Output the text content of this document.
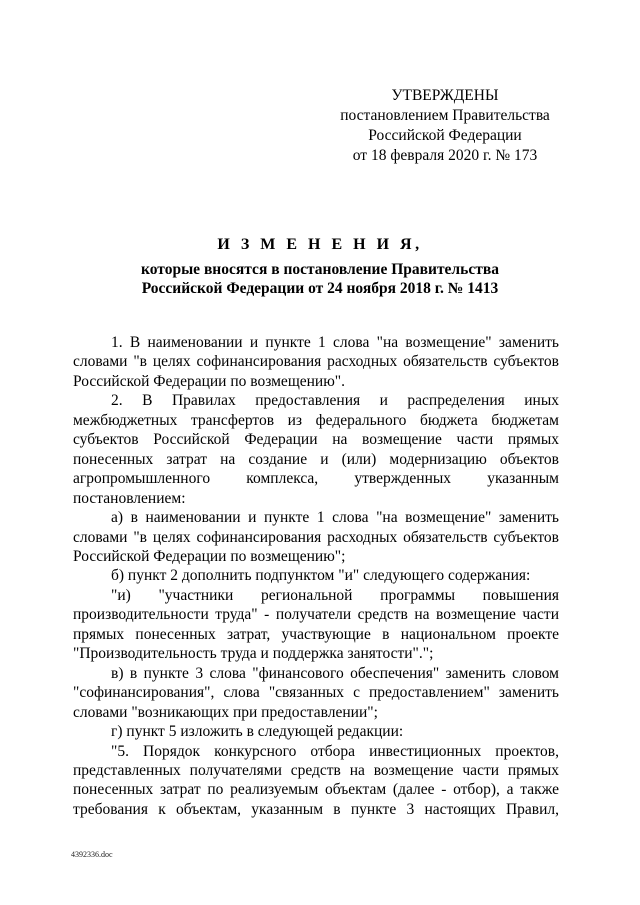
УТВЕРЖДЕНЫ
постановлением Правительства
Российской Федерации
от 18 февраля 2020 г. № 173
И З М Е Н Е Н И Я,
которые вносятся в постановление Правительства
Российской Федерации от 24 ноября 2018 г. № 1413
1. В наименовании и пункте 1 слова "на возмещение" заменить словами "в целях софинансирования расходных обязательств субъектов Российской Федерации по возмещению".
2. В Правилах предоставления и распределения иных межбюджетных трансфертов из федерального бюджета бюджетам субъектов Российской Федерации на возмещение части прямых понесенных затрат на создание и (или) модернизацию объектов агропромышленного комплекса, утвержденных указанным постановлением:
а) в наименовании и пункте 1 слова "на возмещение" заменить словами "в целях софинансирования расходных обязательств субъектов Российской Федерации по возмещению";
б) пункт 2 дополнить подпунктом "и" следующего содержания:
"и) "участники региональной программы повышения производительности труда" - получатели средств на возмещение части прямых понесенных затрат, участвующие в национальном проекте "Производительность труда и поддержка занятости".";
в) в пункте 3 слова "финансового обеспечения" заменить словом "софинансирования", слова "связанных с предоставлением" заменить словами "возникающих при предоставлении";
г) пункт 5 изложить в следующей редакции:
"5. Порядок конкурсного отбора инвестиционных проектов, представленных получателями средств на возмещение части прямых понесенных затрат по реализуемым объектам (далее - отбор), а также требования к объектам, указанным в пункте 3 настоящих Правил,
4392336.doc
